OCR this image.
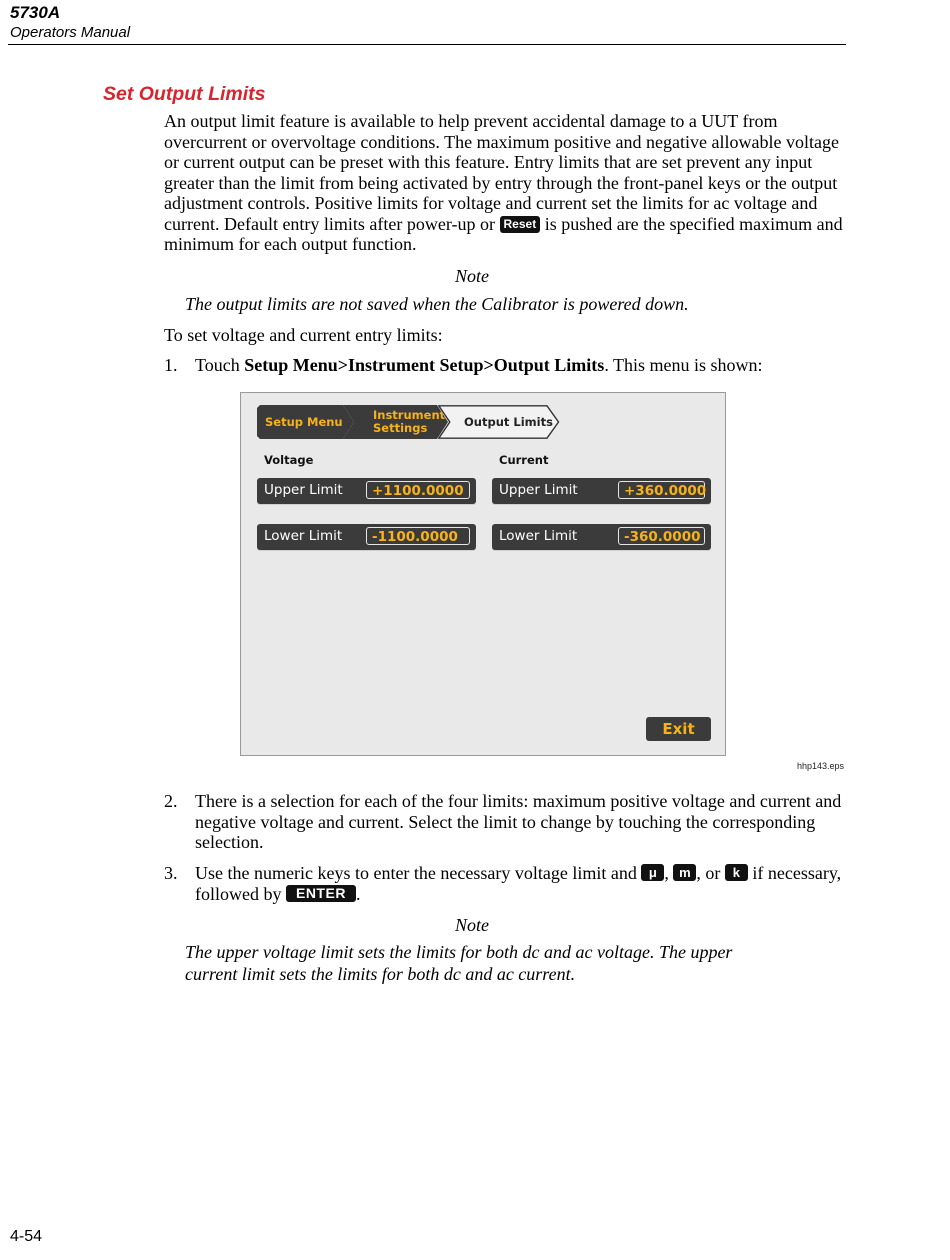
5730A
Operators Manual
Set Output Limits

An output limit feature is available to help prevent accidental damage to a UUT from overcurrent or overvoltage conditions. The maximum positive and negative allowable voltage or current output can be preset with this feature. Entry limits that are set prevent any input greater than the limit from being activated by entry through the front-panel keys or the output adjustment controls. Positive limits for voltage and current set the limits for ac voltage and current. Default entry limits after power-up or Reset is pushed are the specified maximum and minimum for each output function.

Note
The output limits are not saved when the Calibrator is powered down.
To set voltage and current entry limits:
1. Touch Setup Menu>Instrument Setup>Output Limits. This menu is shown:
Setup Menu	Instrument
Settings	Output Limits
Voltage	Current
Upper Limit	+1100.0000	Upper Limit	+360.0000
Lower Limit	-1100.0000	Lower Limit	-360.0000
Exit
hhp143.eps
2. There is a selection for each of the four limits: maximum positive voltage and current and negative voltage and current. Select the limit to change by touching the corresponding selection.
3. Use the numeric keys to enter the necessary voltage limit and μ , m , or k if necessary, followed by ENTER .
Note
The upper voltage limit sets the limits for both dc and ac voltage. The upper current limit sets the limits for both dc and ac current.
4-54
